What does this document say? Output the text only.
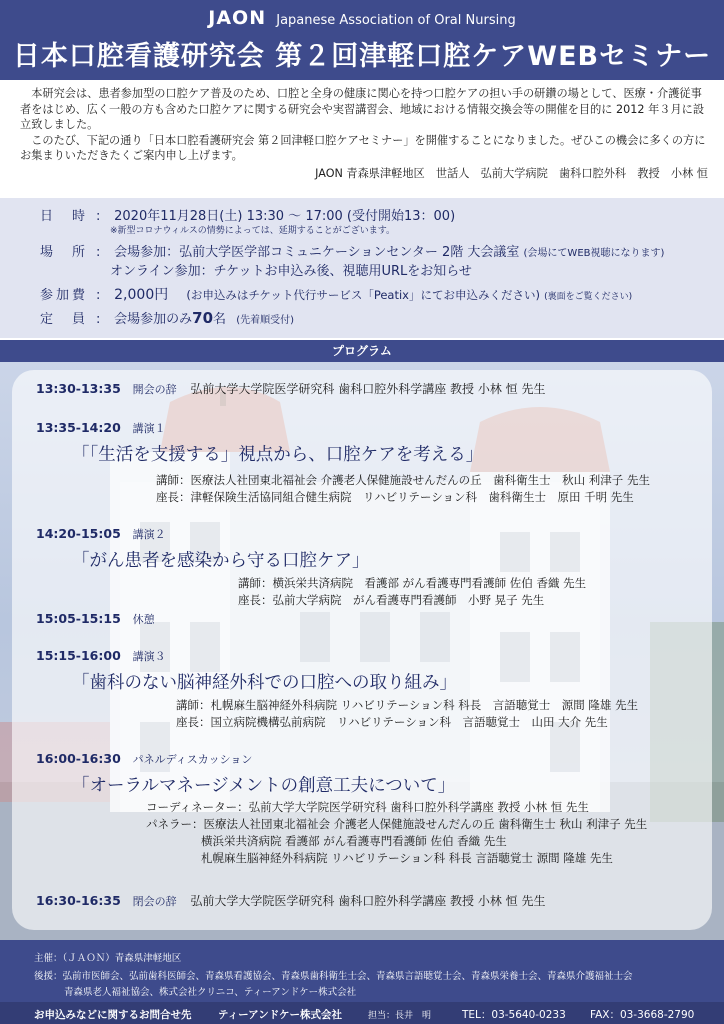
JAON Japanese Association of Oral Nursing
日本口腔看護研究会 第２回津軽口腔ケアWEBセミナー

本研究会は、患者参加型の口腔ケア普及のため、口腔と全身の健康に関心を持つ口腔ケアの担い手の研鑽の場として、医療・介護従事者をはじめ、広く一般の方も含めた口腔ケアに関する研究会や実習講習会、地域における情報交換会等の開催を目的に 2012 年３月に設立致しました。

このたび、下記の通り「日本口腔看護研究会 第２回津軽口腔ケアセミナー」を開催することになりました。ぜひこの機会に多くの方にお集まりいただきたくご案内申し上げます。

JAON 青森県津軽地区　世話人　弘前大学病院　歯科口腔外科　教授　小林 恒
日　時 : 2020年11月28日(土) 13:30 ～ 17:00 (受付開始13：00)
※新型コロナウィルスの情勢によっては、延期することがございます。
場　所 : 会場参加：弘前大学医学部コミュニケーションセンター 2階 大会議室 (会場にてWEB視聴になります)
オンライン参加：チケットお申込み後、視聴用URLをお知らせ
参加費 : 2,000円 (お申込みはチケット代行サービス「Peatix」にてお申込みください) (裏面をご覧ください)
定　員 : 会場参加のみ70名 (先着順受付)
プログラム
13:30-13:35 開会の辞 弘前大学大学院医学研究科 歯科口腔外科学講座 教授 小林 恒 先生
13:35-14:20 講演１
「「生活を支援する」視点から、口腔ケアを考える」
講師：医療法人社団東北福祉会 介護老人保健施設せんだんの丘　歯科衛生士　秋山 利津子 先生
座長：津軽保険生活協同組合健生病院　リハビリテーション科　歯科衛生士　原田 千明 先生
14:20-15:05 講演２
「がん患者を感染から守る口腔ケア」
講師：横浜栄共済病院　看護部 がん看護専門看護師 佐伯 香織 先生
座長：弘前大学病院　がん看護専門看護師　小野 晃子 先生
15:05-15:15 休憩
15:15-16:00 講演３
「歯科のない脳神経外科での口腔への取り組み」
講師：札幌麻生脳神経外科病院 リハビリテーション科 科長　言語聴覚士　源間 隆雄 先生
座長：国立病院機構弘前病院　リハビリテーション科　言語聴覚士　山田 大介 先生
16:00-16:30 パネルディスカッション
「オーラルマネージメントの創意工夫について」
コーディネーター：弘前大学大学院医学研究科 歯科口腔外科学講座 教授 小林 恒 先生
パネラー：医療法人社団東北福祉会 介護老人保健施設せんだんの丘 歯科衛生士 秋山 利津子 先生
横浜栄共済病院 看護部 がん看護専門看護師 佐伯 香織 先生
札幌麻生脳神経外科病院 リハビリテーション科 科長 言語聴覚士 源間 隆雄 先生
16:30-16:35 閉会の辞 弘前大学大学院医学研究科 歯科口腔外科学講座 教授 小林 恒 先生
主催：（ＪＡＯＮ）青森県津軽地区
後援：弘前市医師会、弘前歯科医師会、青森県看護協会、青森県歯科衛生士会、青森県言語聴覚士会、青森県栄養士会、青森県介護福祉士会
青森県老人福祉協会、株式会社クリニコ、ティーアンドケー株式会社
お申込みなどに関するお問合せ先	ティーアンドケー株式会社	担当：長井　明	TEL：03-5640-0233 FAX：03-3668-2790
